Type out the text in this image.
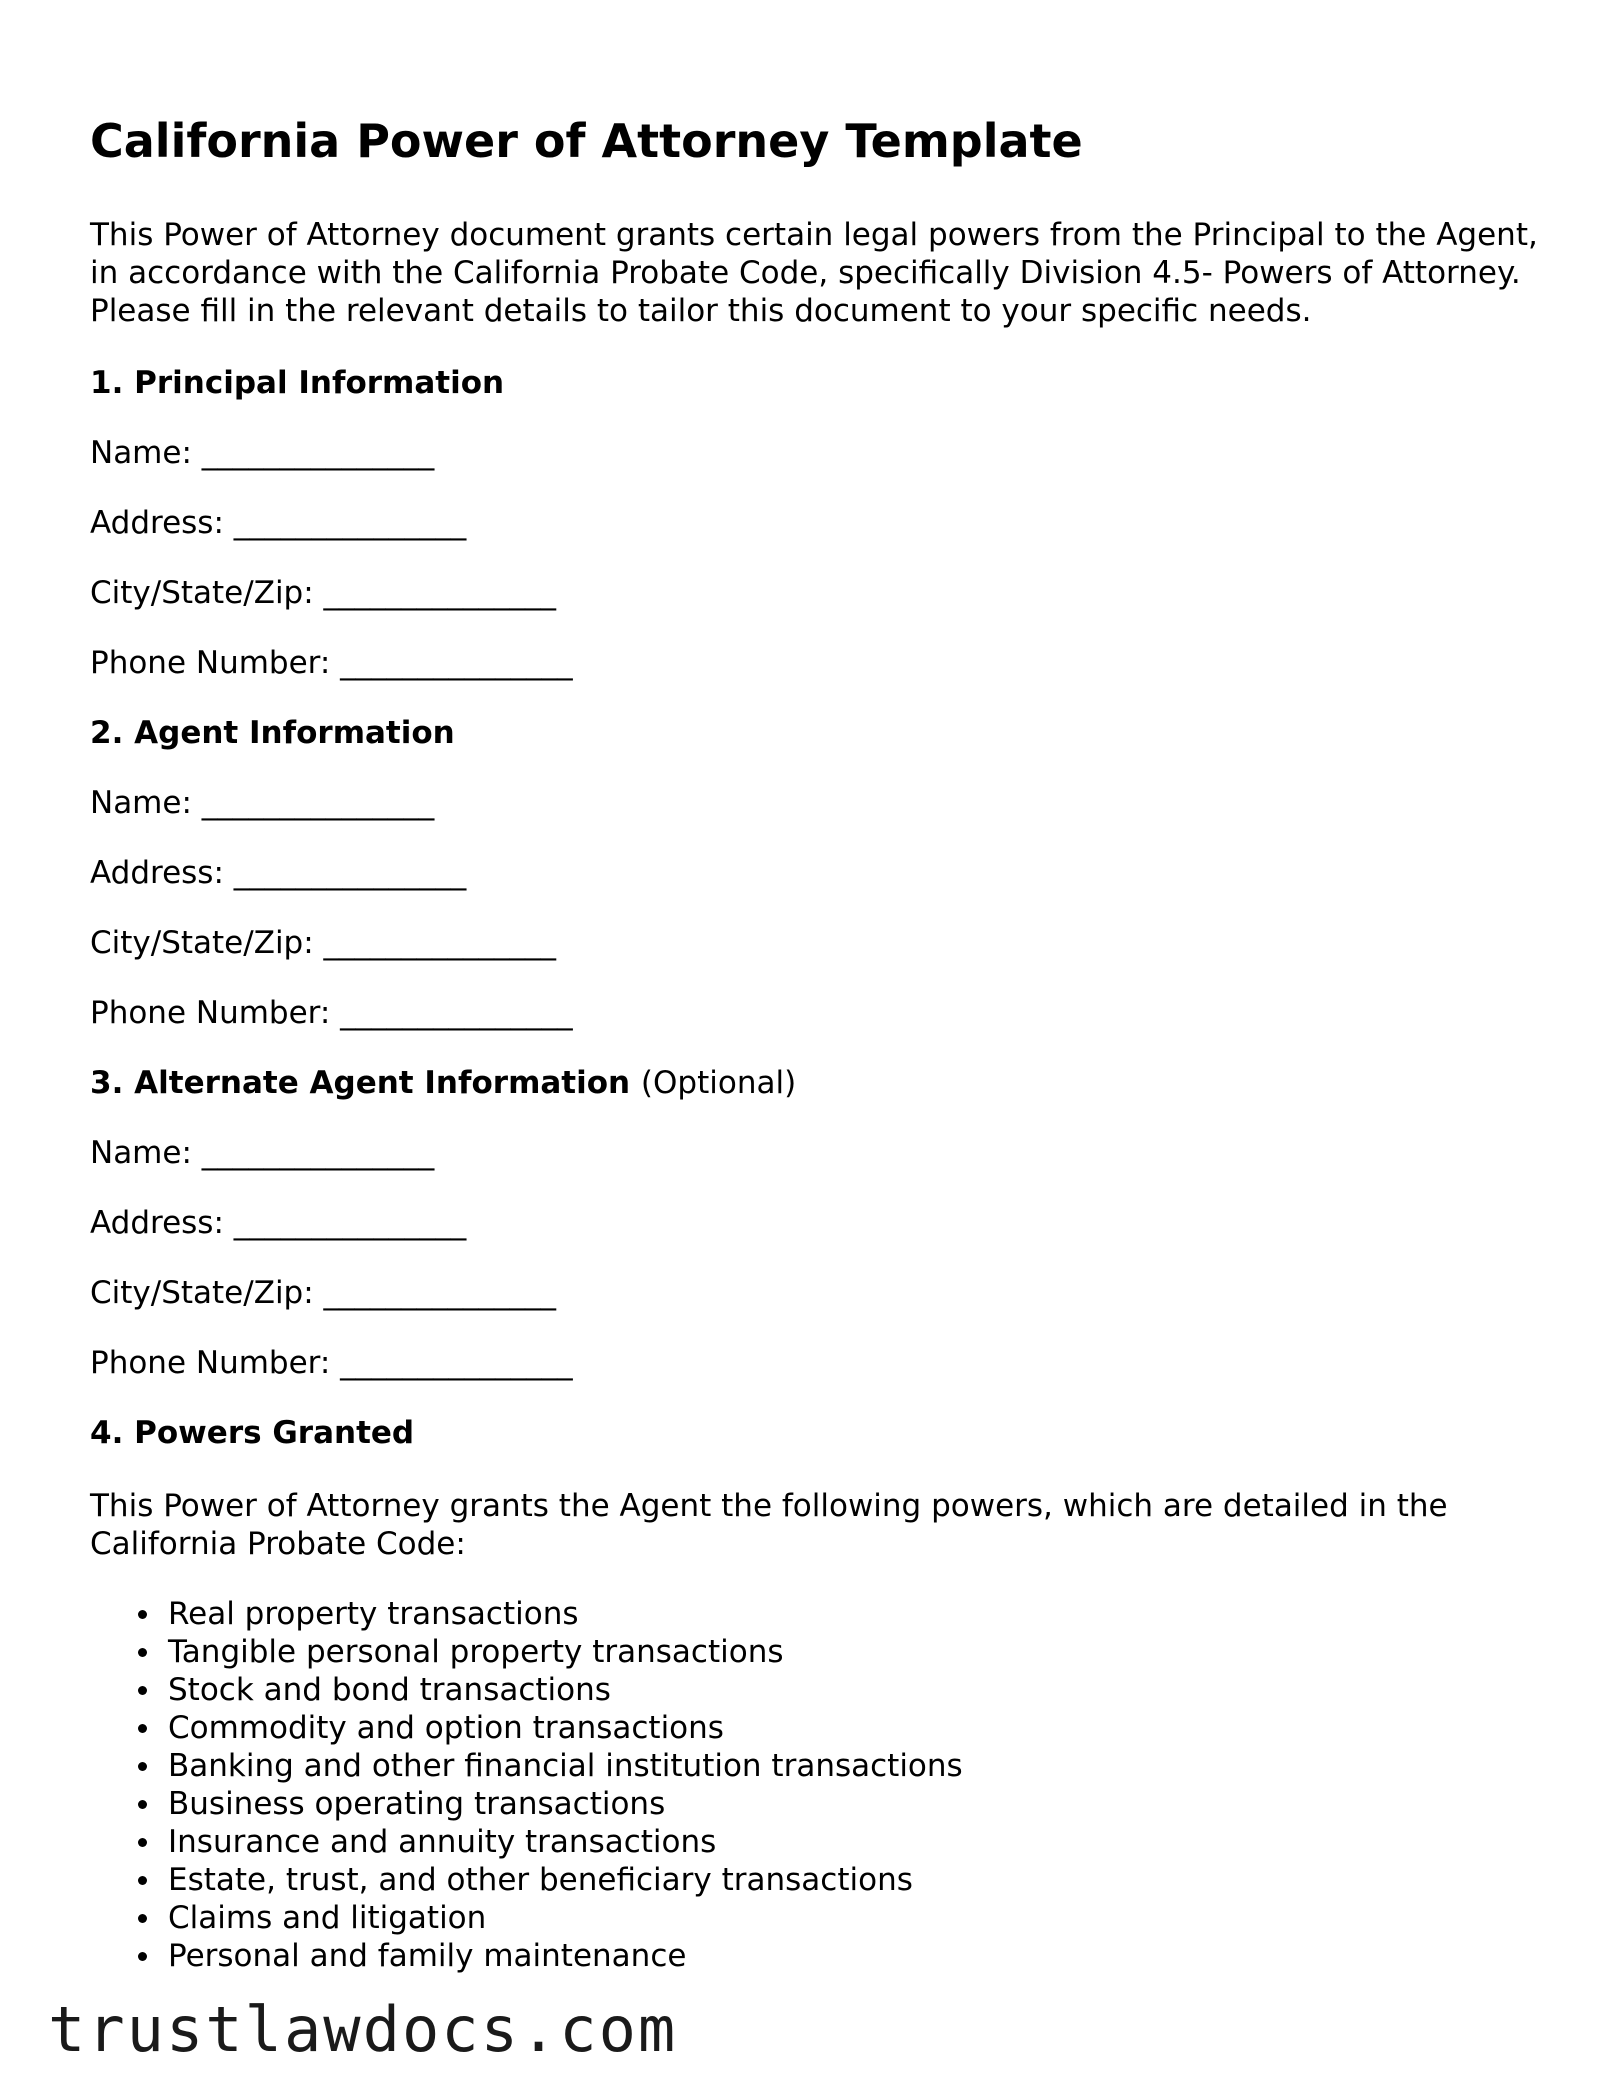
California Power of Attorney Template

This Power of Attorney document grants certain legal powers from the Principal to the Agent, in accordance with the California Probate Code, specifically Division 4.5- Powers of Attorney. Please fill in the relevant details to tailor this document to your specific needs.

1. Principal Information
Name: _______________
Address: _______________
City/State/Zip: _______________
Phone Number: _______________
2. Agent Information
Name: _______________
Address: _______________
City/State/Zip: _______________
Phone Number: _______________
3. Alternate Agent Information (Optional)
Name: _______________
Address: _______________
City/State/Zip: _______________
Phone Number: _______________
4. Powers Granted

This Power of Attorney grants the Agent the following powers, which are detailed in the California Probate Code:

Real property transactions
Tangible personal property transactions
Stock and bond transactions
Commodity and option transactions
Banking and other financial institution transactions
Business operating transactions
Insurance and annuity transactions
Estate, trust, and other beneficiary transactions
Claims and litigation
Personal and family maintenance
trustlawdocs.com
